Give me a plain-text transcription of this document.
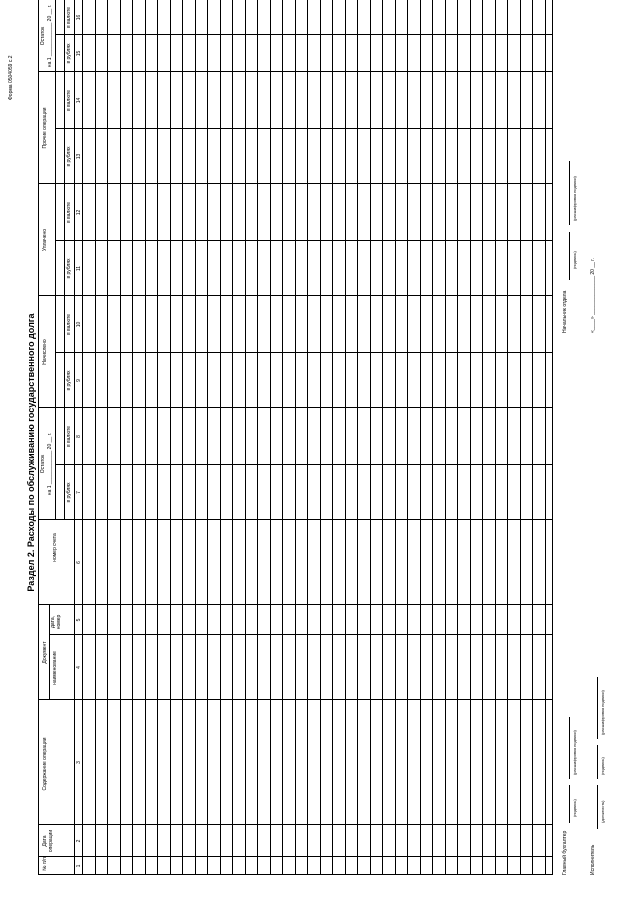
Форма 0504059 с.2
Раздел 2. Расходы по обслуживанию государственного долга
№ п/п
Дата операции
Содержание операции
Документ наименование
дата, номер
номер счета
Остаток на 1 ____________ 20 __ г.
Начислено
Уплачено
Прочие операции
Остаток на 1 ____________ 20 __ г.
в рублях
в валюте
в рублях
в валюте
в рублях
в валюте
в рублях
в валюте
в рублях
в валюте
1
2
3
4
5
6
7
8
9
10
11
12
13
14
15
16
Главный бухгалтер
(подпись)
(расшифровка подписи)
Исполнитель
(должность)
(подпись)
(расшифровка подписи)
Начальник отдела
(подпись)
(расшифровка подписи)
«____» ______________ 20 __ г.
